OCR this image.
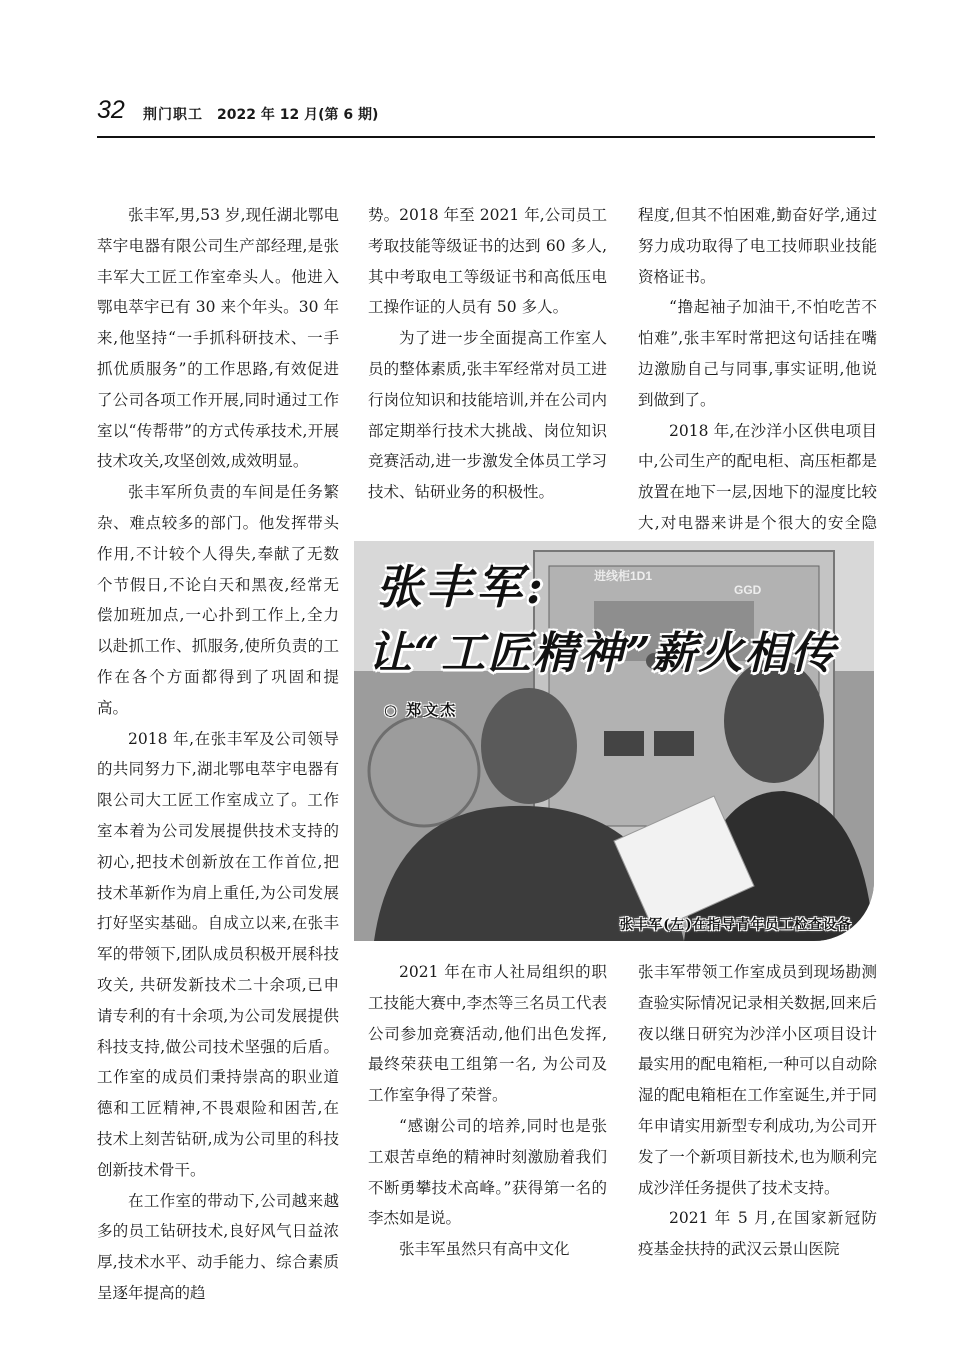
32 荆门职工 2022 年 12 月(第 6 期)

张丰军,男,53 岁,现任湖北鄂电萃宇电器有限公司生产部经理,是张丰军大工匠工作室牵头人。他进入鄂电萃宇已有 30 来个年头。30 年来,他坚持“一手抓科研技术、一手抓优质服务”的工作思路,有效促进了公司各项工作开展,同时通过工作室以“传帮带”的方式传承技术,开展技术攻关,攻坚创效,成效明显。

张丰军所负责的车间是任务繁杂、难点较多的部门。他发挥带头作用,不计较个人得失,奉献了无数个节假日,不论白天和黑夜,经常无偿加班加点,一心扑到工作上,全力以赴抓工作、抓服务,使所负责的工作在各个方面都得到了巩固和提高。

2018 年,在张丰军及公司领导的共同努力下,湖北鄂电萃宇电器有限公司大工匠工作室成立了。工作室本着为公司发展提供技术支持的初心,把技术创新放在工作首位,把技术革新作为肩上重任,为公司发展打好坚实基础。自成立以来,在张丰军的带领下,团队成员积极开展科技攻关, 共研发新技术二十余项,已申请专利的有十余项,为公司发展提供科技支持,做公司技术坚强的后盾。工作室的成员们秉持崇高的职业道德和工匠精神,不畏艰险和困苦,在技术上刻苦钻研,成为公司里的科技创新技术骨干。

在工作室的带动下,公司越来越多的员工钻研技术,良好风气日益浓厚,技术水平、动手能力、综合素质呈逐年提高的趋

势。2018 年至 2021 年,公司员工考取技能等级证书的达到 60 多人,其中考取电工等级证书和高低压电工操作证的人员有 50 多人。

为了进一步全面提高工作室人员的整体素质,张丰军经常对员工进行岗位知识和技能培训,并在公司内部定期举行技术大挑战、岗位知识竞赛活动,进一步激发全体员工学习技术、钻研业务的积极性。

程度,但其不怕困难,勤奋好学,通过努力成功取得了电工技师职业技能资格证书。

“撸起袖子加油干,不怕吃苦不怕难”,张丰军时常把这句话挂在嘴边激励自己与同事,事实证明,他说到做到了。

2018 年,在沙洋小区供电项目中,公司生产的配电柜、高压柜都是放置在地下一层,因地下的湿度比较大,对电器来讲是个很大的安全隐

进线柜1D1
GGD
张丰军:
让“工匠精神”薪火相传
○ 郑文杰
张丰军(左)在指导青年员工检查设备

2021 年在市人社局组织的职工技能大赛中,李杰等三名员工代表公司参加竞赛活动,他们出色发挥,最终荣获电工组第一名, 为公司及工作室争得了荣誉。

“感谢公司的培养,同时也是张工艰苦卓绝的精神时刻激励着我们不断勇攀技术高峰。”获得第一名的李杰如是说。

张丰军虽然只有高中文化

张丰军带领工作室成员到现场勘测查验实际情况记录相关数据,回来后夜以继日研究为沙洋小区项目设计最实用的配电箱柜,一种可以自动除湿的配电箱柜在工作室诞生,并于同年申请实用新型专利成功,为公司开发了一个新项目新技术,也为顺利完成沙洋任务提供了技术支持。

2021 年 5 月,在国家新冠防疫基金扶持的武汉云景山医院
